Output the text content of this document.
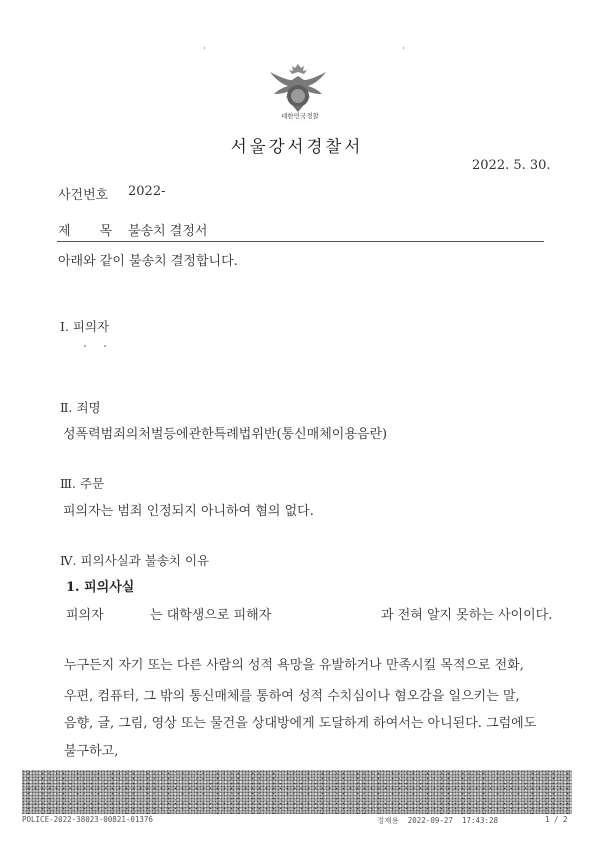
대한민국경찰
· · · · · · · · · · · · ·
서울강서경찰서
2022. 5. 30.
사건번호 2022-
제       목 불송치 결정서
아래와 같이 불송치 결정합니다.
Ⅰ. 피의자
Ⅱ. 죄명
성폭력범죄의처벌등에관한특례법위반(통신매체이용음란)
Ⅲ. 주문
피의자는 범죄 인정되지 아니하여 혐의 없다.
Ⅳ. 피의사실과 불송치 이유
1. 피의사실
피의자	는 대학생으로 피해자	과 전혀 알지 못하는 사이이다.
누구든지 자기 또는 다른 사람의 성적 욕망을 유발하거나 만족시킬 목적으로 전화,
우편, 컴퓨터, 그 밖의 통신매체를 통하여 성적 수치심이나 혐오감을 일으키는 말,
음향, 글, 그림, 영상 또는 물건을 상대방에게 도달하게 하여서는 아니된다. 그럼에도
불구하고,
POLICE-2022-38023-00821-01376	정제용  2022-09-27  17:43:28	1 / 2
